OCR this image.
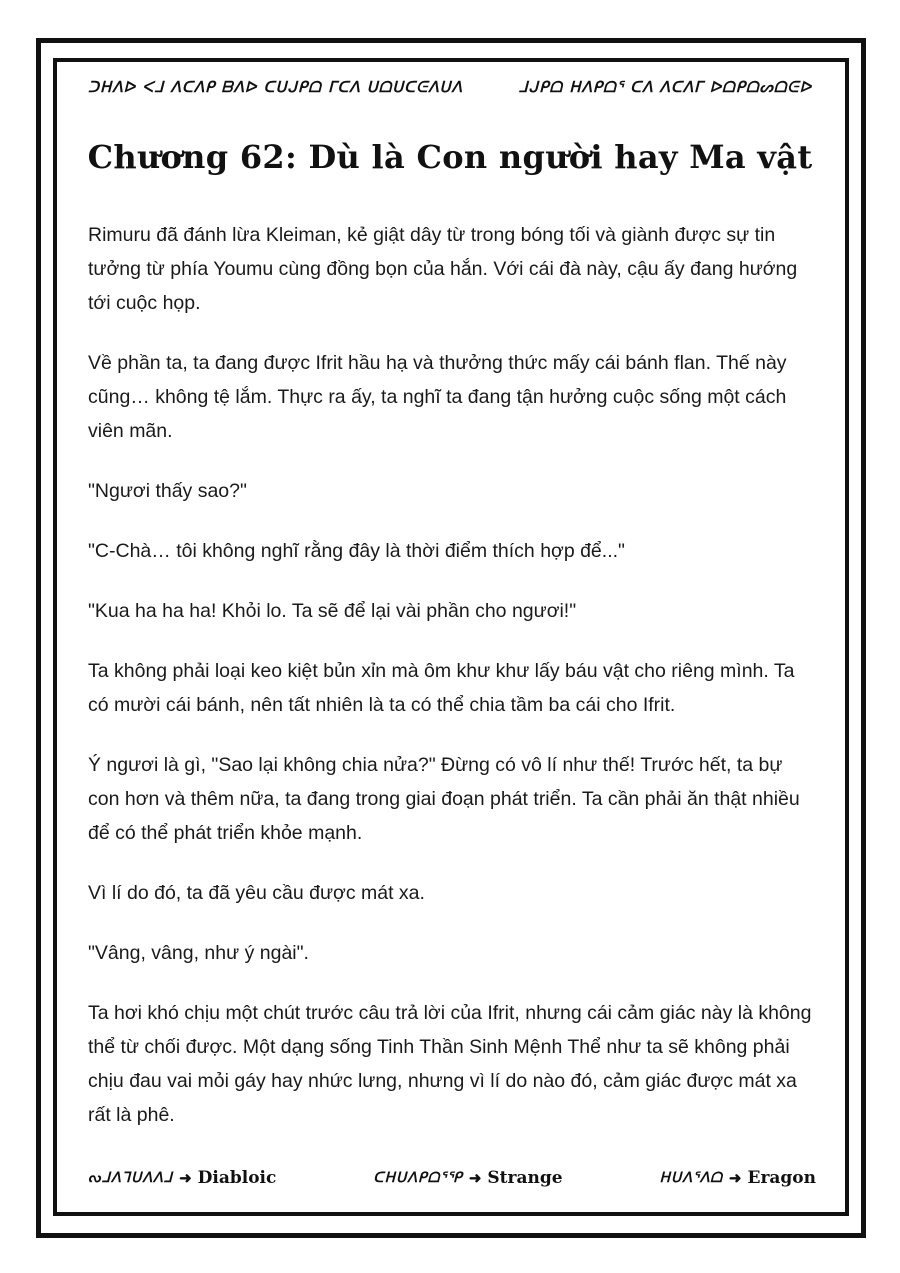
ᑐᕼᐱᐅ ᐸᒧ ᐱᑕᐱᑭ ᗷᐱᐅ ᑕᑌᒍᑭᗝ ᒥᑕᐱ ᑌᗝᑌᑕᕮᐱᑌᐱ	ᒧᒍᑭᗝ ᕼᐱᑭᗝᕐ ᑕᐱ ᐱᑕᐱᒥ ᐅᗝᑭᗝᔕᗝᕮᐅ
Chương 62: Dù là Con người hay Ma vật

Rimuru đã đánh lừa Kleiman, kẻ giật dây từ trong bóng tối và giành được sự tin tưởng từ phía Youmu cùng đồng bọn của hắn. Với cái đà này, cậu ấy đang hướng tới cuộc họp.

Về phần ta, ta đang được Ifrit hầu hạ và thưởng thức mấy cái bánh flan. Thế này cũng… không tệ lắm. Thực ra ấy, ta nghĩ ta đang tận hưởng cuộc sống một cách viên mãn.

"Ngươi thấy sao?"

"C-Chà… tôi không nghĩ rằng đây là thời điểm thích hợp để..."

"Kua ha ha ha! Khỏi lo. Ta sẽ để lại vài phần cho ngươi!"

Ta không phải loại keo kiệt bủn xỉn mà ôm khư khư lấy báu vật cho riêng mình. Ta có mười cái bánh, nên tất nhiên là ta có thể chia tầm ba cái cho Ifrit.

Ý ngươi là gì, "Sao lại không chia nửa?" Đừng có vô lí như thế! Trước hết, ta bự con hơn và thêm nữa, ta đang trong giai đoạn phát triển. Ta cần phải ăn thật nhiều để có thể phát triển khỏe mạnh.

Vì lí do đó, ta đã yêu cầu được mát xa.

"Vâng, vâng, như ý ngài".

Ta hơi khó chịu một chút trước câu trả lời của Ifrit, nhưng cái cảm giác này là không thể từ chối được. Một dạng sống Tinh Thần Sinh Mệnh Thể như ta sẽ không phải chịu đau vai mỏi gáy hay nhức lưng, nhưng vì lí do nào đó, cảm giác được mát xa rất là phê.

ᔓᒧᐱᒣᑌᐱᐱᒧ ➜ Diabloic	ᑕᕼᑌᐱᑭᗝᕐᕿ ➜ Strange	ᕼᑌᐱᕐᐱᗝ ➜ Eragon
